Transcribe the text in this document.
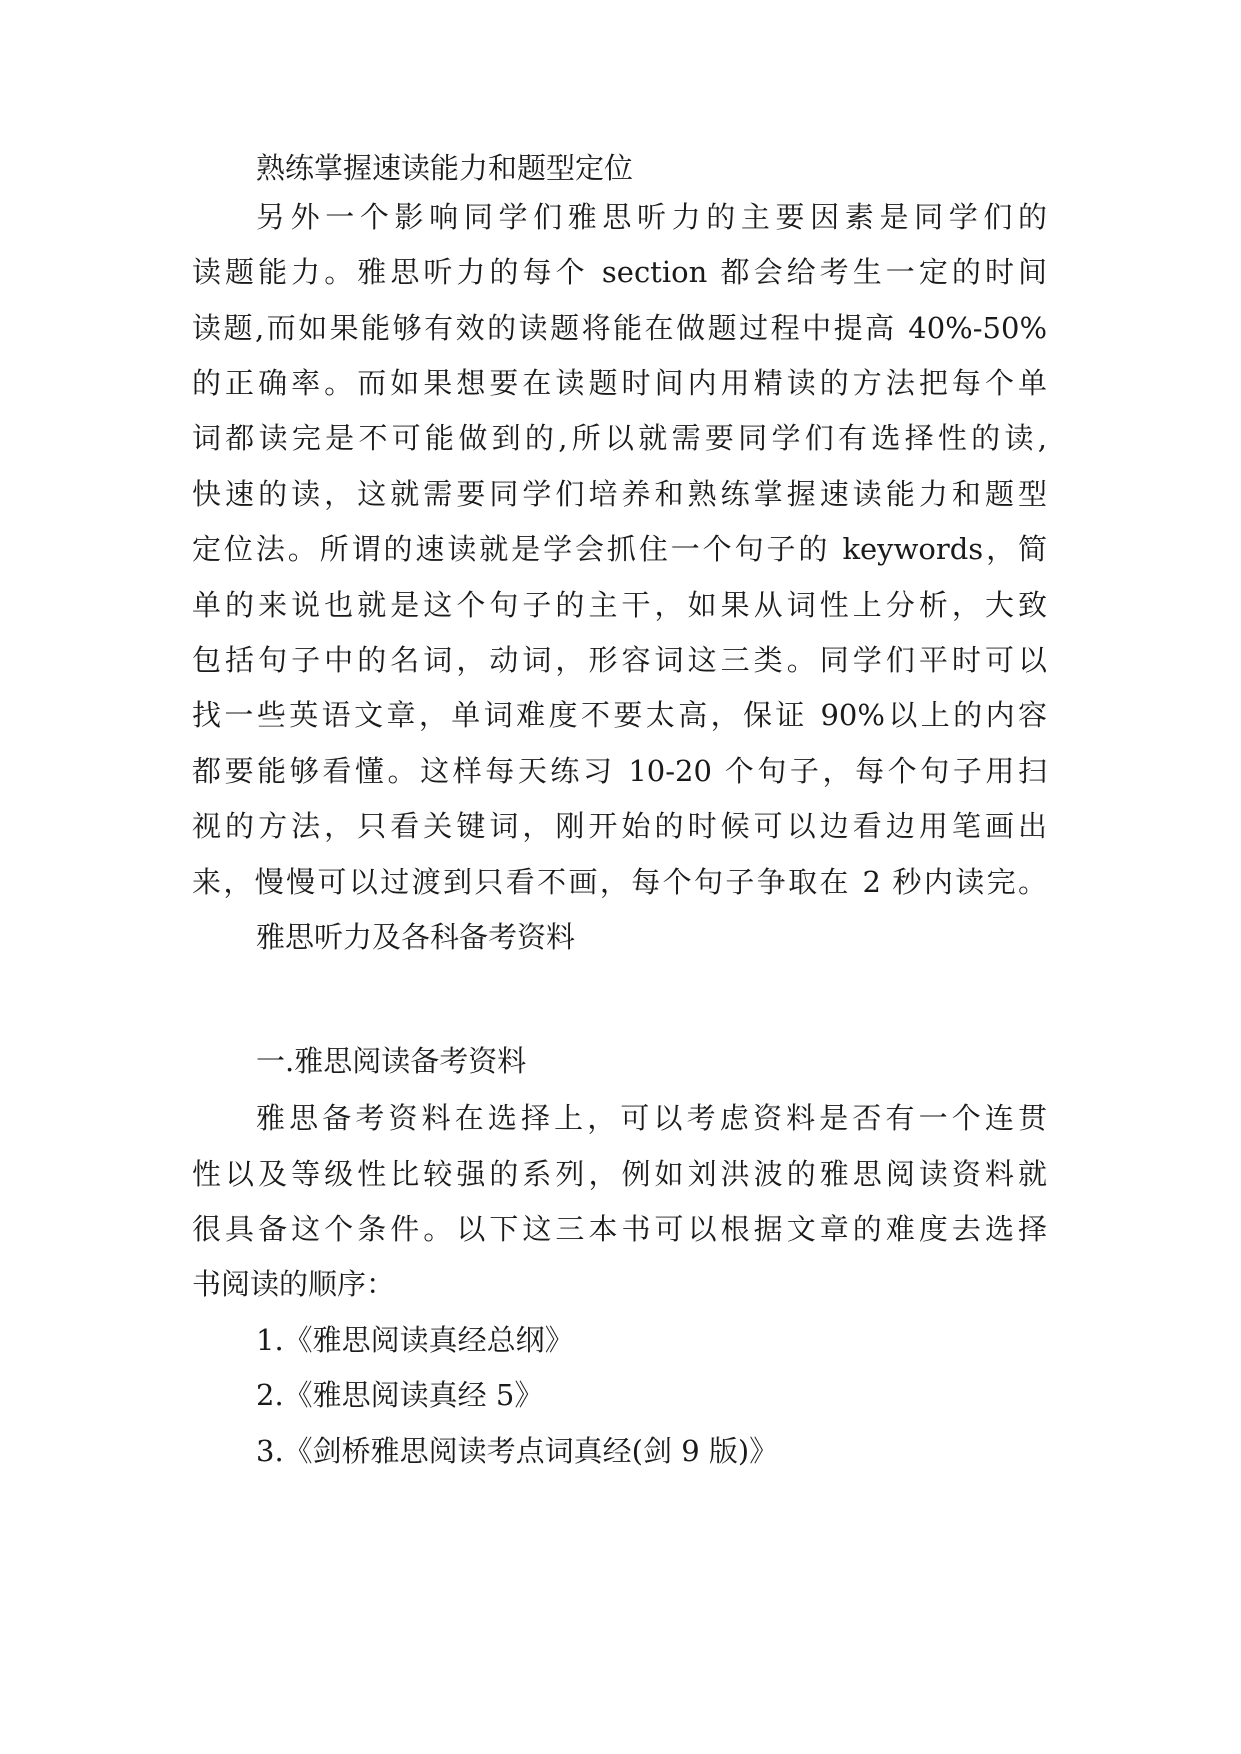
熟练掌握速读能力和题型定位

另外一个影响同学们雅思听力的主要因素是同学们的

读题能力。雅思听力的每个 section 都会给考生一定的时间

读题,而如果能够有效的读题将能在做题过程中提高 40%-50%

的正确率。而如果想要在读题时间内用精读的方法把每个单

词都读完是不可能做到的,所以就需要同学们有选择性的读,

快速的读，这就需要同学们培养和熟练掌握速读能力和题型

定位法。所谓的速读就是学会抓住一个句子的 keywords，简

单的来说也就是这个句子的主干，如果从词性上分析，大致

包括句子中的名词，动词，形容词这三类。同学们平时可以

找一些英语文章，单词难度不要太高，保证 90%以上的内容

都要能够看懂。这样每天练习 10-20 个句子，每个句子用扫

视的方法，只看关键词，刚开始的时候可以边看边用笔画出

来，慢慢可以过渡到只看不画，每个句子争取在 2 秒内读完。

雅思听力及各科备考资料

一.雅思阅读备考资料

雅思备考资料在选择上，可以考虑资料是否有一个连贯

性以及等级性比较强的系列，例如刘洪波的雅思阅读资料就

很具备这个条件。以下这三本书可以根据文章的难度去选择

书阅读的顺序：

1.《雅思阅读真经总纲》

2.《雅思阅读真经 5》

3.《剑桥雅思阅读考点词真经(剑 9 版)》
